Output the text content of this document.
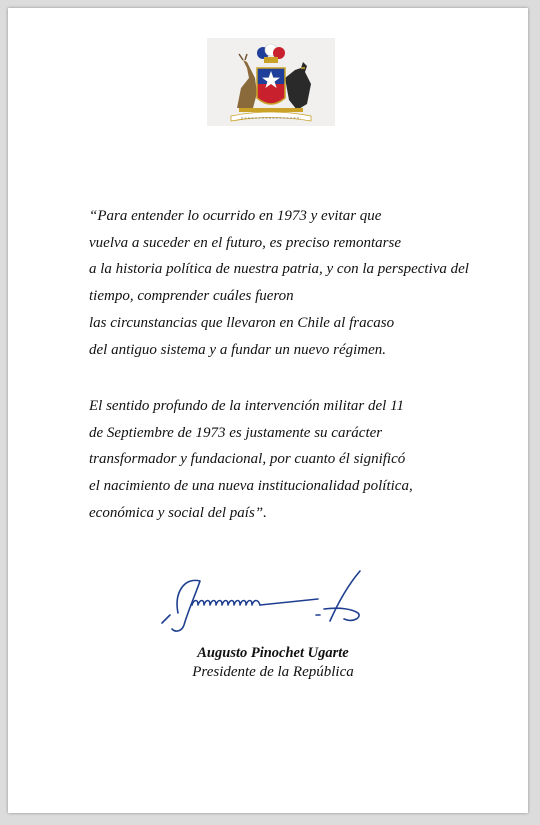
“Para entender lo ocurrido en 1973 y evitar que
vuelva a suceder en el futuro, es preciso remontarse
a la historia política de nuestra patria, y con la perspectiva del
tiempo, comprender cuáles fueron
las circunstancias que llevaron en Chile al fracaso
del antiguo sistema y a fundar un nuevo régimen.

El sentido profundo de la intervención militar del 11
de Septiembre de 1973 es justamente su carácter
transformador y fundacional, por cuanto él significó
el nacimiento de una nueva institucionalidad política,
económica y social del país”.

Augusto Pinochet Ugarte
Presidente de la República
